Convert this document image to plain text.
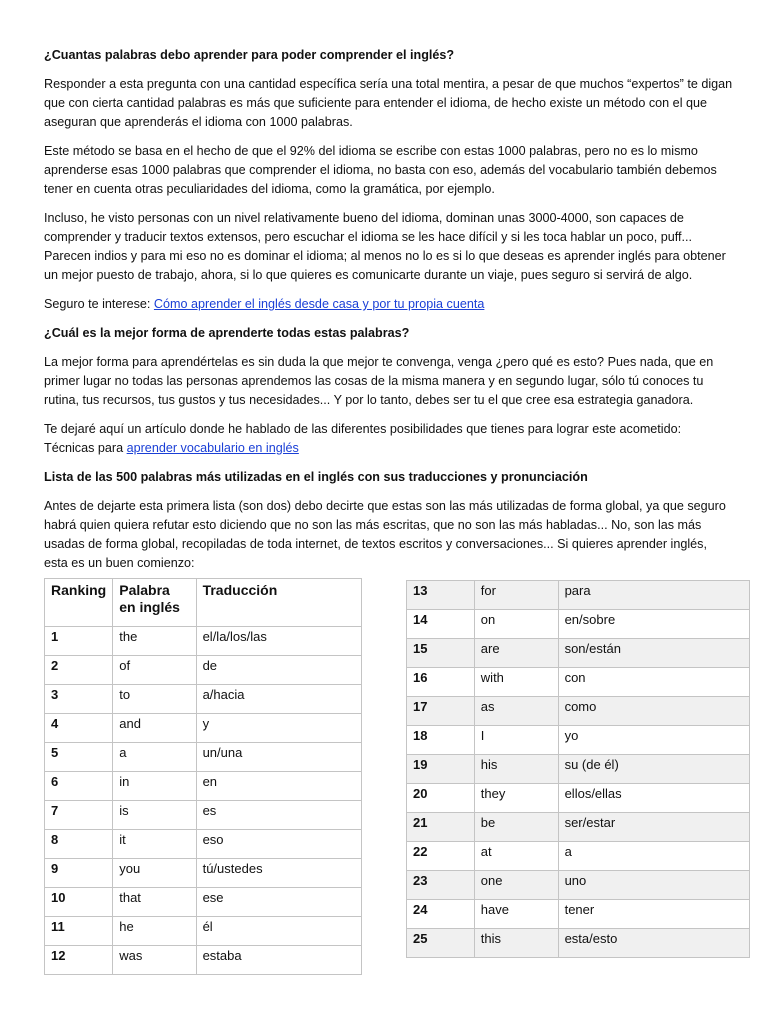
¿Cuantas palabras debo aprender para poder comprender el inglés?

Responder a esta pregunta con una cantidad específica sería una total mentira, a pesar de que muchos “expertos” te digan que con cierta cantidad palabras es más que suficiente para entender el idioma, de hecho existe un método con el que aseguran que aprenderás el idioma con 1000 palabras.

Este método se basa en el hecho de que el 92% del idioma se escribe con estas 1000 palabras, pero no es lo mismo aprenderse esas 1000 palabras que comprender el idioma, no basta con eso, además del vocabulario también debemos tener en cuenta otras peculiaridades del idioma, como la gramática, por ejemplo.

Incluso, he visto personas con un nivel relativamente bueno del idioma, dominan unas 3000-4000, son capaces de comprender y traducir textos extensos, pero escuchar el idioma se les hace difícil y si les toca hablar un poco, puff... Parecen indios y para mi eso no es dominar el idioma; al menos no lo es si lo que deseas es aprender inglés para obtener un mejor puesto de trabajo, ahora, si lo que quieres es comunicarte durante un viaje, pues seguro si servirá de algo.

Seguro te interese: Cómo aprender el inglés desde casa y por tu propia cuenta

¿Cuál es la mejor forma de aprenderte todas estas palabras?

La mejor forma para aprendértelas es sin duda la que mejor te convenga, venga ¿pero qué es esto? Pues nada, que en primer lugar no todas las personas aprendemos las cosas de la misma manera y en segundo lugar, sólo tú conoces tu rutina, tus recursos, tus gustos y tus necesidades... Y por lo tanto, debes ser tu el que cree esa estrategia ganadora.

Te dejaré aquí un artículo donde he hablado de las diferentes posibilidades que tienes para lograr este acometido: Técnicas para aprender vocabulario en inglés

Lista de las 500 palabras más utilizadas en el inglés con sus traducciones y pronunciación

Antes de dejarte esta primera lista (son dos) debo decirte que estas son las más utilizadas de forma global, ya que seguro habrá quien quiera refutar esto diciendo que no son las más escritas, que no son las más habladas... No, son las más usadas de forma global, recopiladas de toda internet, de textos escritos y conversaciones... Si quieres aprender inglés, esta es un buen comienzo:

Ranking	Palabra en inglés	Traducción
1	the	el/la/los/las
2	of	de
3	to	a/hacia
4	and	y
5	a	un/una
6	in	en
7	is	es
8	it	eso
9	you	tú/ustedes
10	that	ese
11	he	él
12	was	estaba
13	for	para
14	on	en/sobre
15	are	son/están
16	with	con
17	as	como
18	I	yo
19	his	su (de él)
20	they	ellos/ellas
21	be	ser/estar
22	at	a
23	one	uno
24	have	tener
25	this	esta/esto
